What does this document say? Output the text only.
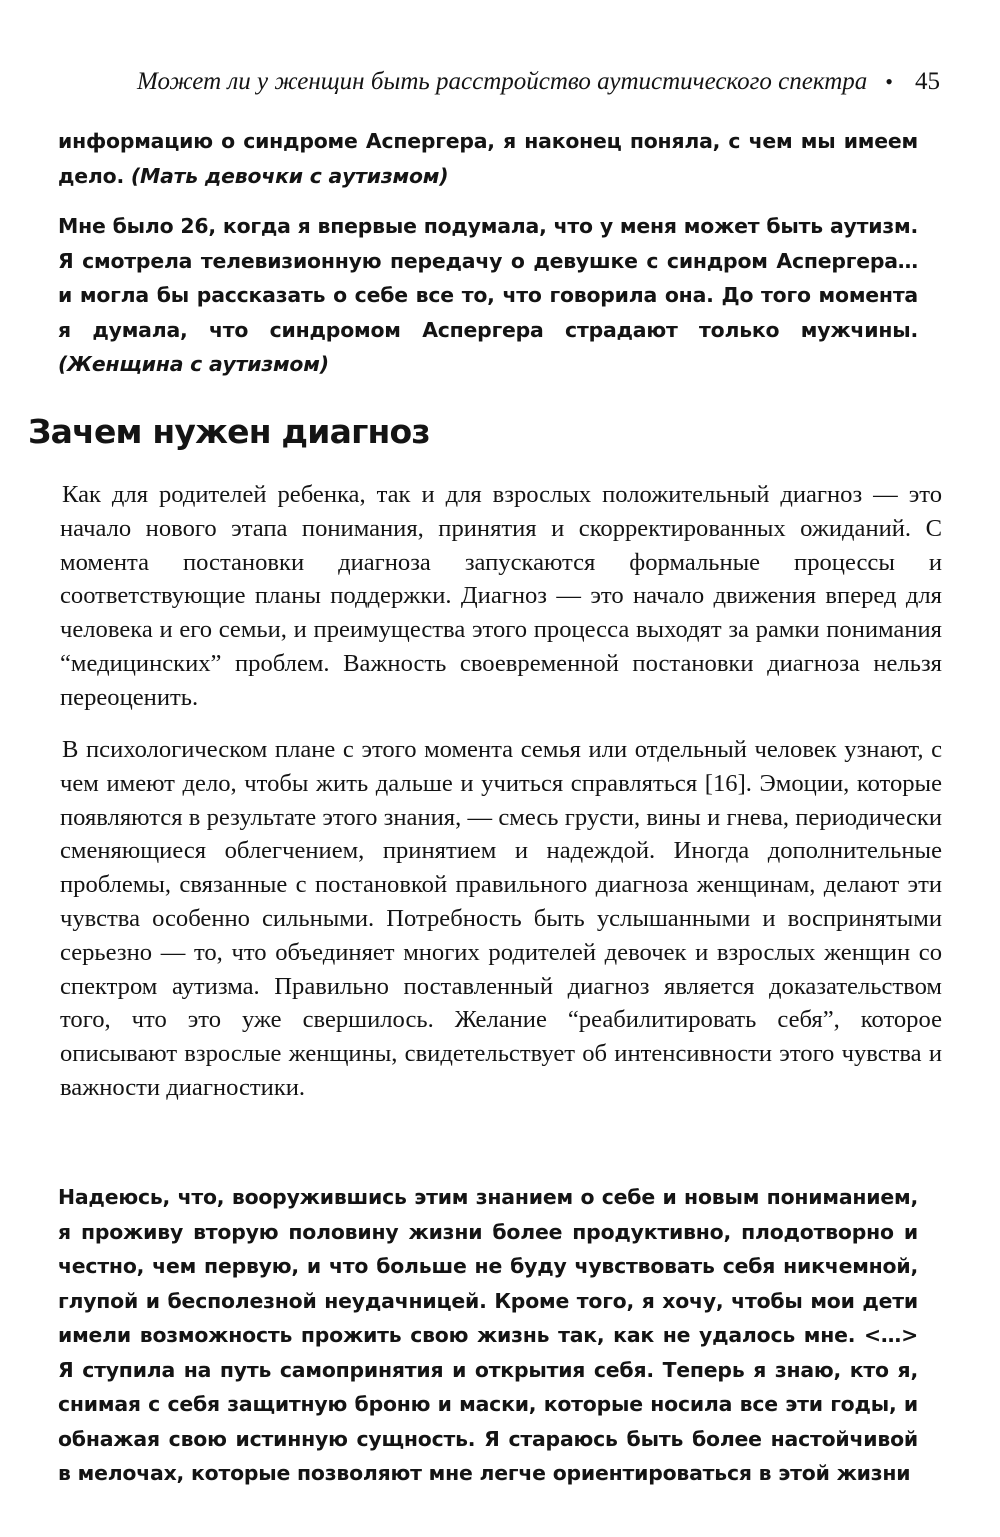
Может ли у женщин быть расстройство аутистического спектра • 45

информацию о синдроме Аспергера, я наконец поняла, с чем мы имеем дело. (Мать девочки с аутизмом)

Мне было 26, когда я впервые подумала, что у меня может быть аутизм. Я смотрела телевизионную передачу о девушке с синдром Аспергера… и могла бы рассказать о себе все то, что говорила она. До того момента я думала, что синдромом Аспергера страдают только мужчины. (Женщина с аутизмом)

Зачем нужен диагноз

Как для родителей ребенка, так и для взрослых положительный диагноз — это начало нового этапа понимания, принятия и скорректированных ожиданий. С момента постановки диагноза запускаются формальные процессы и соответствующие планы поддержки. Диагноз — это начало движения вперед для человека и его семьи, и преимущества этого процесса выходят за рамки понимания “медицинских” проблем. Важность своевременной постановки диагноза нельзя переоценить.

В психологическом плане с этого момента семья или отдельный человек узнают, с чем имеют дело, чтобы жить дальше и учиться справляться [16]. Эмоции, которые появляются в результате этого знания, — смесь грусти, вины и гнева, периодически сменяющиеся облегчением, принятием и надеждой. Иногда дополнительные проблемы, связанные с постановкой правильного диагноза женщинам, делают эти чувства особенно сильными. Потребность быть услышанными и воспринятыми серьезно — то, что объединяет многих родителей девочек и взрослых женщин со спектром аутизма. Правильно поставленный диагноз является доказательством того, что это уже свершилось. Желание “реабилитировать себя”, которое описывают взрослые женщины, свидетельствует об интенсивности этого чувства и важности диагностики.

Надеюсь, что, вооружившись этим знанием о себе и новым пониманием, я проживу вторую половину жизни более продуктивно, плодотворно и честно, чем первую, и что больше не буду чувствовать себя никчемной, глупой и бесполезной неудачницей. Кроме того, я хочу, чтобы мои дети имели возможность прожить свою жизнь так, как не удалось мне. <…> Я ступила на путь самопринятия и открытия себя. Теперь я знаю, кто я, снимая с себя защитную броню и маски, которые носила все эти годы, и обнажая свою истинную сущность. Я стараюсь быть более настойчивой в мелочах, которые позволяют мне легче ориентироваться в этой жизни
